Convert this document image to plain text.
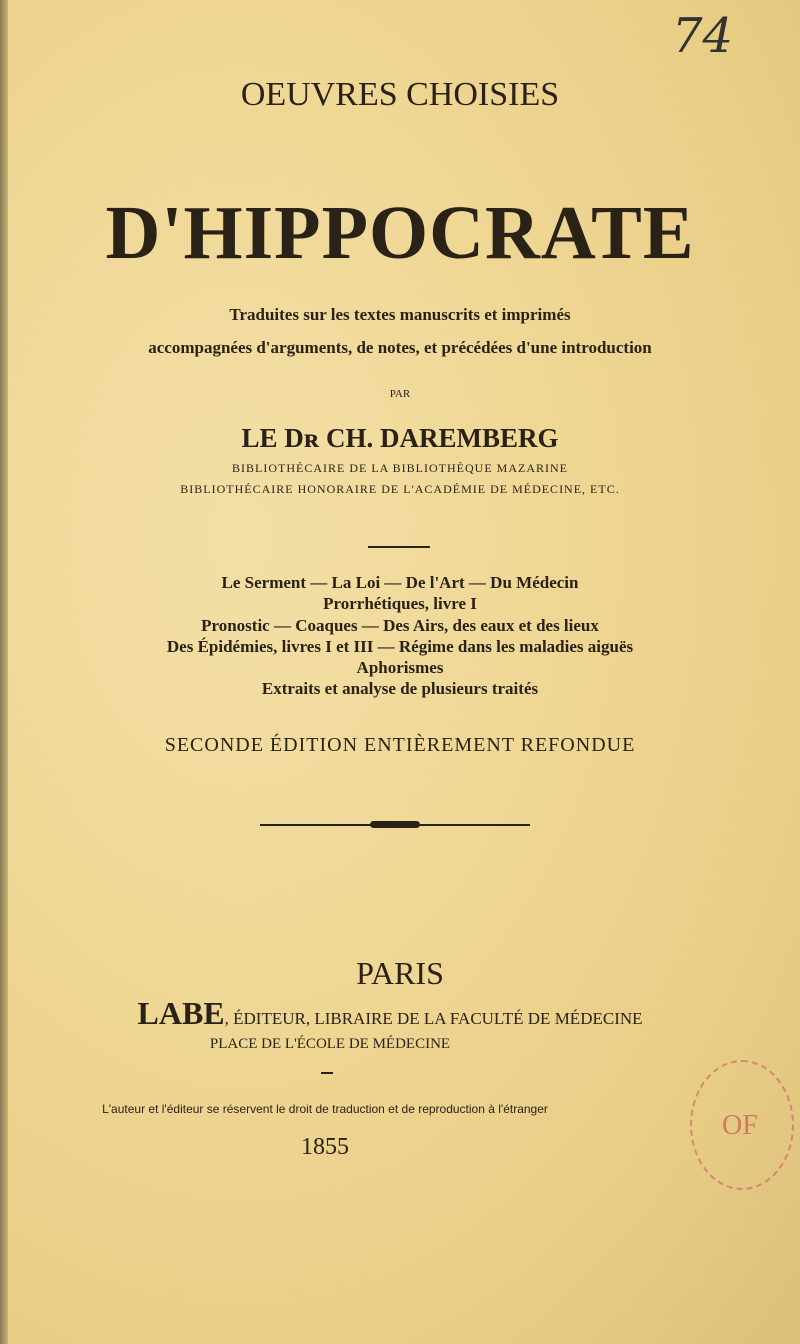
74
OEUVRES CHOISIES
D'HIPPOCRATE
Traduites sur les textes manuscrits et imprimés
accompagnées d'arguments, de notes, et précédées d'une introduction
PAR
LE Dʀ CH. DAREMBERG
BIBLIOTHÉCAIRE DE LA BIBLIOTHÈQUE MAZARINE
BIBLIOTHÉCAIRE HONORAIRE DE L'ACADÉMIE DE MÉDECINE, ETC.
Le Serment — La Loi — De l'Art — Du Médecin
Prorrhétiques, livre I
Pronostic — Coaques — Des Airs, des eaux et des lieux
Des Épidémies, livres I et III — Régime dans les maladies aiguës
Aphorismes
Extraits et analyse de plusieurs traités
SECONDE ÉDITION ENTIÈREMENT REFONDUE
PARIS
LABE, ÉDITEUR, LIBRAIRE DE LA FACULTÉ DE MÉDECINE
PLACE DE L'ÉCOLE DE MÉDECINE
L'auteur et l'éditeur se réservent le droit de traduction et de reproduction à l'étranger
1855
OF
